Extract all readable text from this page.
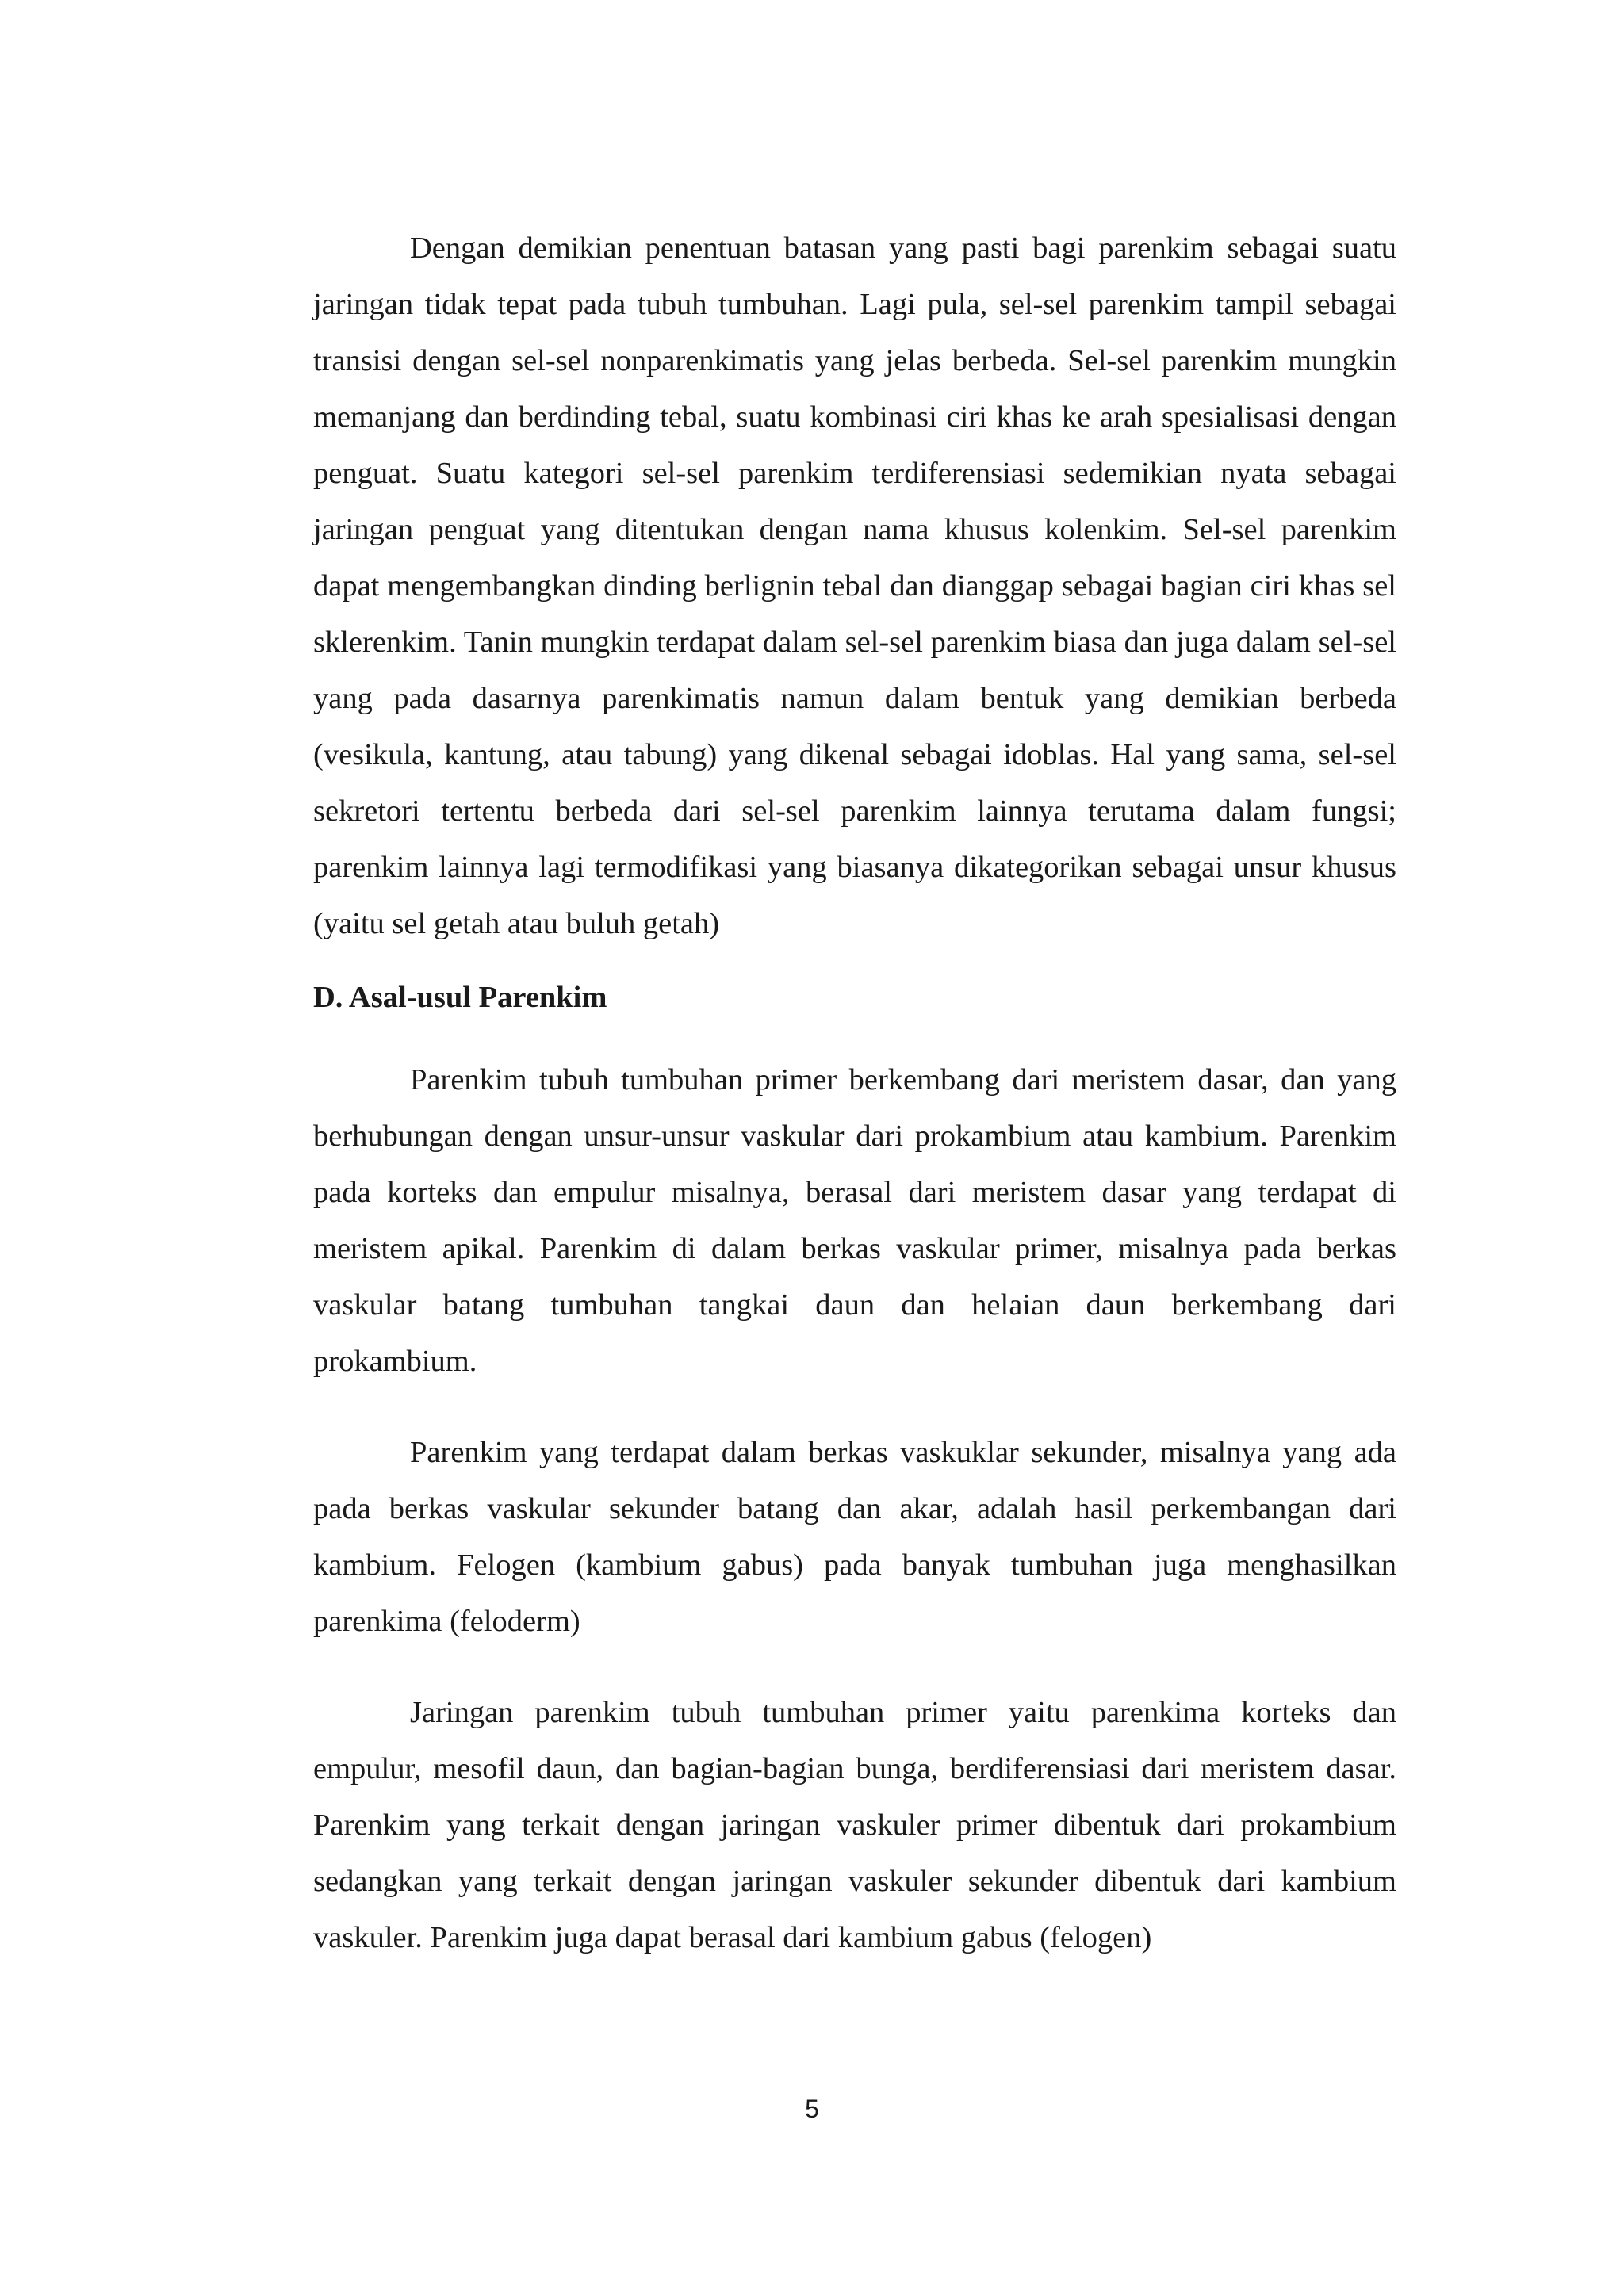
Dengan demikian penentuan batasan yang pasti bagi parenkim sebagai suatu jaringan tidak tepat pada tubuh tumbuhan. Lagi pula, sel-sel parenkim tampil sebagai transisi dengan sel-sel nonparenkimatis yang jelas berbeda. Sel-sel parenkim mungkin memanjang dan berdinding tebal, suatu kombinasi ciri khas ke arah spesialisasi dengan penguat. Suatu kategori sel-sel parenkim terdiferensiasi sedemikian nyata sebagai jaringan penguat yang ditentukan dengan nama khusus kolenkim. Sel-sel parenkim dapat mengembangkan dinding berlignin tebal dan dianggap sebagai bagian ciri khas sel sklerenkim. Tanin mungkin terdapat dalam sel-sel parenkim biasa dan juga dalam sel-sel yang pada dasarnya parenkimatis namun dalam bentuk yang demikian berbeda (vesikula, kantung, atau tabung) yang dikenal sebagai idoblas. Hal yang sama, sel-sel sekretori tertentu berbeda dari sel-sel parenkim lainnya terutama dalam fungsi; parenkim lainnya lagi termodifikasi yang biasanya dikategorikan sebagai unsur khusus (yaitu sel getah atau buluh getah)

D. Asal-usul Parenkim

Parenkim tubuh tumbuhan primer berkembang dari meristem dasar, dan yang berhubungan dengan unsur-unsur vaskular dari prokambium atau kambium. Parenkim pada korteks dan empulur misalnya, berasal dari meristem dasar yang terdapat di meristem apikal. Parenkim di dalam berkas vaskular primer, misalnya pada berkas vaskular batang tumbuhan tangkai daun dan helaian daun berkembang dari prokambium.

Parenkim yang terdapat dalam berkas vaskuklar sekunder, misalnya yang ada pada berkas vaskular sekunder batang dan akar, adalah hasil perkembangan dari kambium. Felogen (kambium gabus) pada banyak tumbuhan juga menghasilkan parenkima (feloderm)

Jaringan parenkim tubuh tumbuhan primer yaitu parenkima korteks dan empulur, mesofil daun, dan bagian-bagian bunga, berdiferensiasi dari meristem dasar. Parenkim yang terkait dengan jaringan vaskuler primer dibentuk dari prokambium sedangkan yang terkait dengan jaringan vaskuler sekunder dibentuk dari kambium vaskuler. Parenkim juga dapat berasal dari kambium gabus (felogen)

5
